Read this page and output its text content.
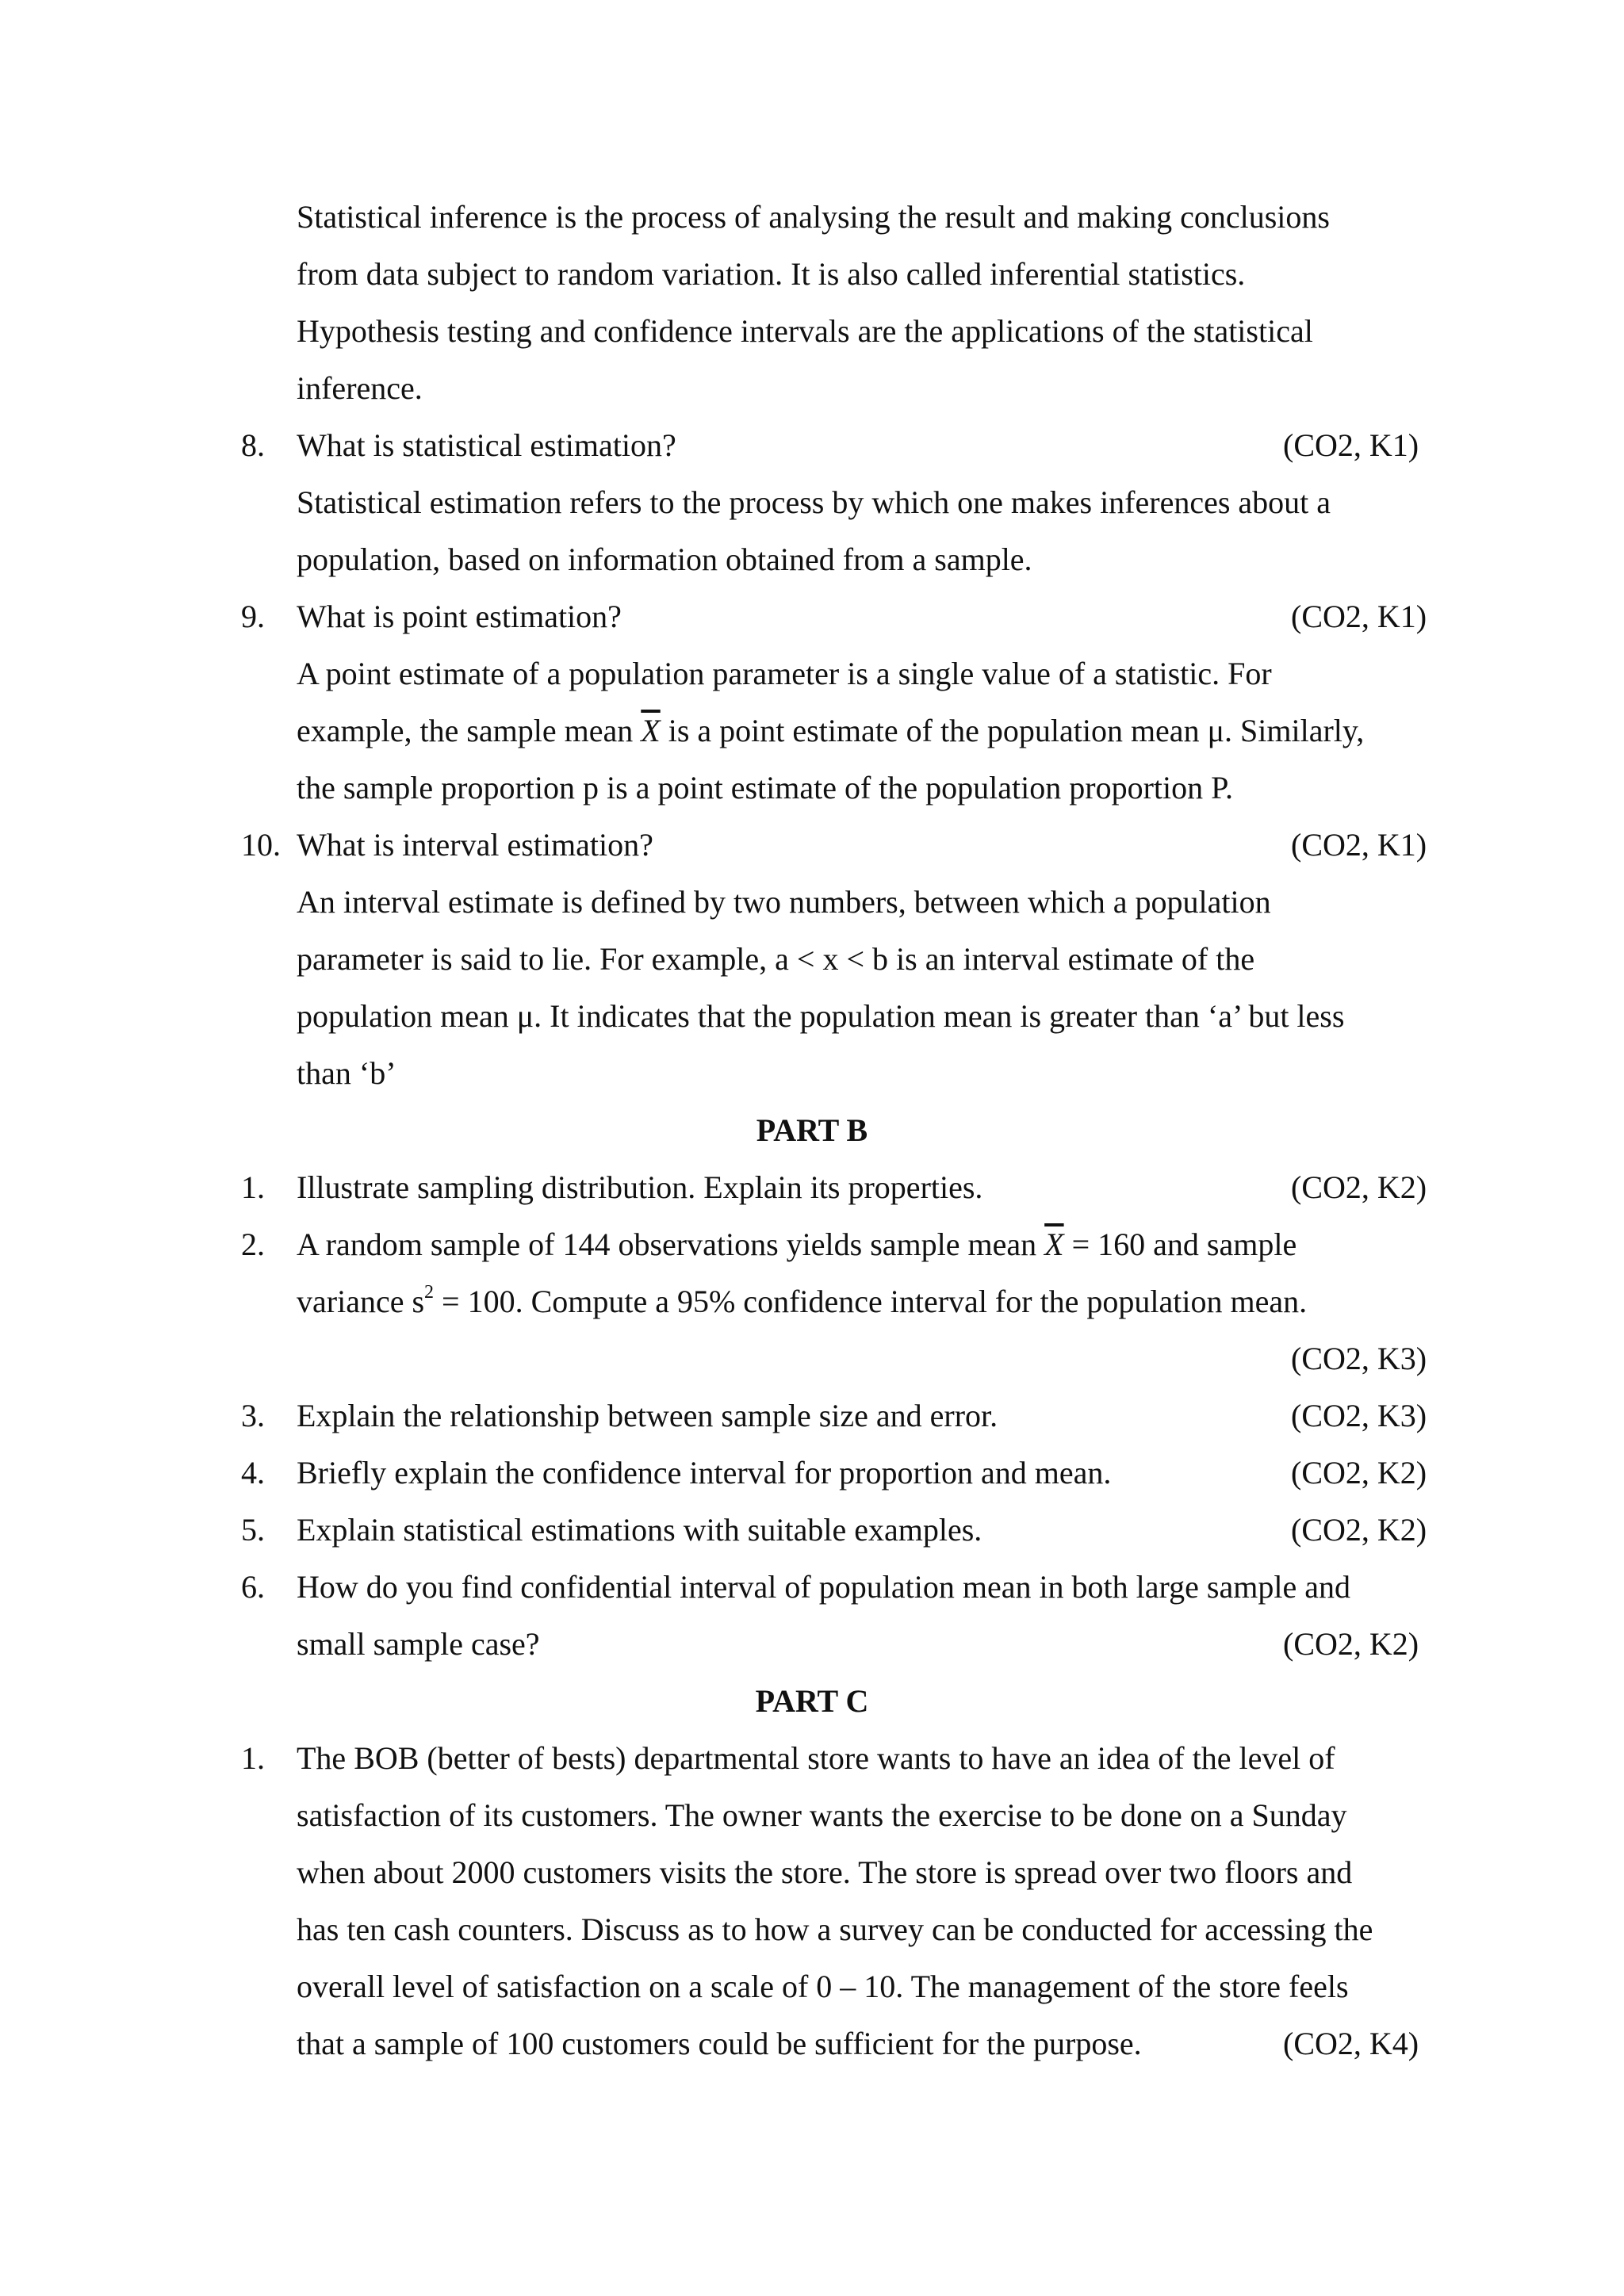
Statistical inference is the process of analysing the result and making conclusions
from data subject to random variation. It is also called inferential statistics.
Hypothesis testing and confidence intervals are the applications of the statistical
inference.
8. What is statistical estimation?	(CO2, K1)
Statistical estimation refers to the process by which one makes inferences about a
population, based on information obtained from a sample.
9. What is point estimation?	(CO2, K1)
A point estimate of a population parameter is a single value of a statistic. For
example, the sample mean $\overline{X}$ is a point estimate of the population mean μ. Similarly,
the sample proportion p is a point estimate of the population proportion P.
10. What is interval estimation?	(CO2, K1)
An interval estimate is defined by two numbers, between which a population
parameter is said to lie. For example, a < x < b is an interval estimate of the
population mean μ. It indicates that the population mean is greater than ‘a’ but less
than ‘b’
PART B
1. Illustrate sampling distribution. Explain its properties.	(CO2, K2)
2. A random sample of 144 observations yields sample mean $\overline{X} = 160$ and sample
variance $s^2 = 100$. Compute a 95% confidence interval for the population mean.
(CO2, K3)
3. Explain the relationship between sample size and error.	(CO2, K3)
4. Briefly explain the confidence interval for proportion and mean.	(CO2, K2)
5. Explain statistical estimations with suitable examples.	(CO2, K2)
6. How do you find confidential interval of population mean in both large sample and
small sample case?	(CO2, K2)
PART C
1. The BOB (better of bests) departmental store wants to have an idea of the level of
satisfaction of its customers. The owner wants the exercise to be done on a Sunday
when about 2000 customers visits the store. The store is spread over two floors and
has ten cash counters. Discuss as to how a survey can be conducted for accessing the
overall level of satisfaction on a scale of 0 – 10. The management of the store feels
that a sample of 100 customers could be sufficient for the purpose.	(CO2, K4)
